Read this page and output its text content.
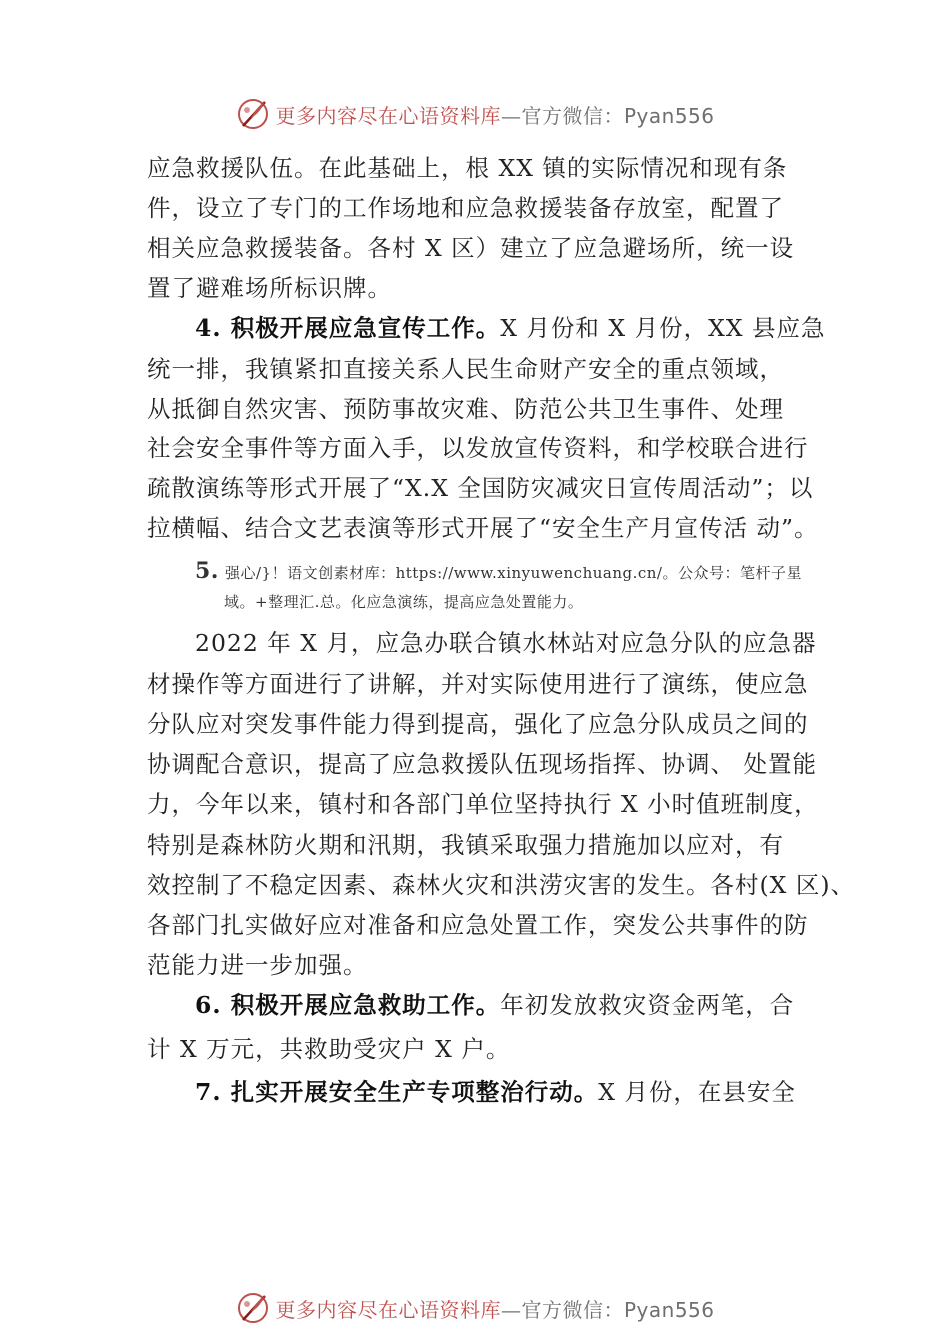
更多内容尽在心语资料库—官方微信：Pyan556
应急救援队伍。在此基础上，根 XX 镇的实际情况和现有条
件，设立了专门的工作场地和应急救援装备存放室，配置了
相关应急救援装备。各村 X 区）建立了应急避场所，统一设
置了避难场所标识牌。
4. 积极开展应急宣传工作。X 月份和 X 月份，XX 县应急
统一排，我镇紧扣直接关系人民生命财产安全的重点领域，
从抵御自然灾害、预防事故灾难、防范公共卫生事件、处理
社会安全事件等方面入手，以发放宣传资料，和学校联合进行
疏散演练等形式开展了“X.X 全国防灾减灾日宣传周活动”；以
拉横幅、结合文艺表演等形式开展了“安全生产月宣传活 动”。
5. 强心/}！语文创素材库：https://www.xinyuwenchuang.cn/。公众号：笔杆子星
域。+整理汇.总。化应急演练，提高应急处置能力。
2022 年 X 月，应急办联合镇水林站对应急分队的应急器
材操作等方面进行了讲解，并对实际使用进行了演练，使应急
分队应对突发事件能力得到提高，强化了应急分队成员之间的
协调配合意识，提高了应急救援队伍现场指挥、协调、 处置能
力，今年以来，镇村和各部门单位坚持执行 X 小时值班制度，
特别是森林防火期和汛期，我镇采取强力措施加以应对，有
效控制了不稳定因素、森林火灾和洪涝灾害的发生。各村(X 区)、
各部门扎实做好应对准备和应急处置工作，突发公共事件的防
范能力进一步加强。
6. 积极开展应急救助工作。年初发放救灾资金两笔，合
计 X 万元，共救助受灾户 X 户。
7. 扎实开展安全生产专项整治行动。X 月份，在县安全
更多内容尽在心语资料库—官方微信：Pyan556
